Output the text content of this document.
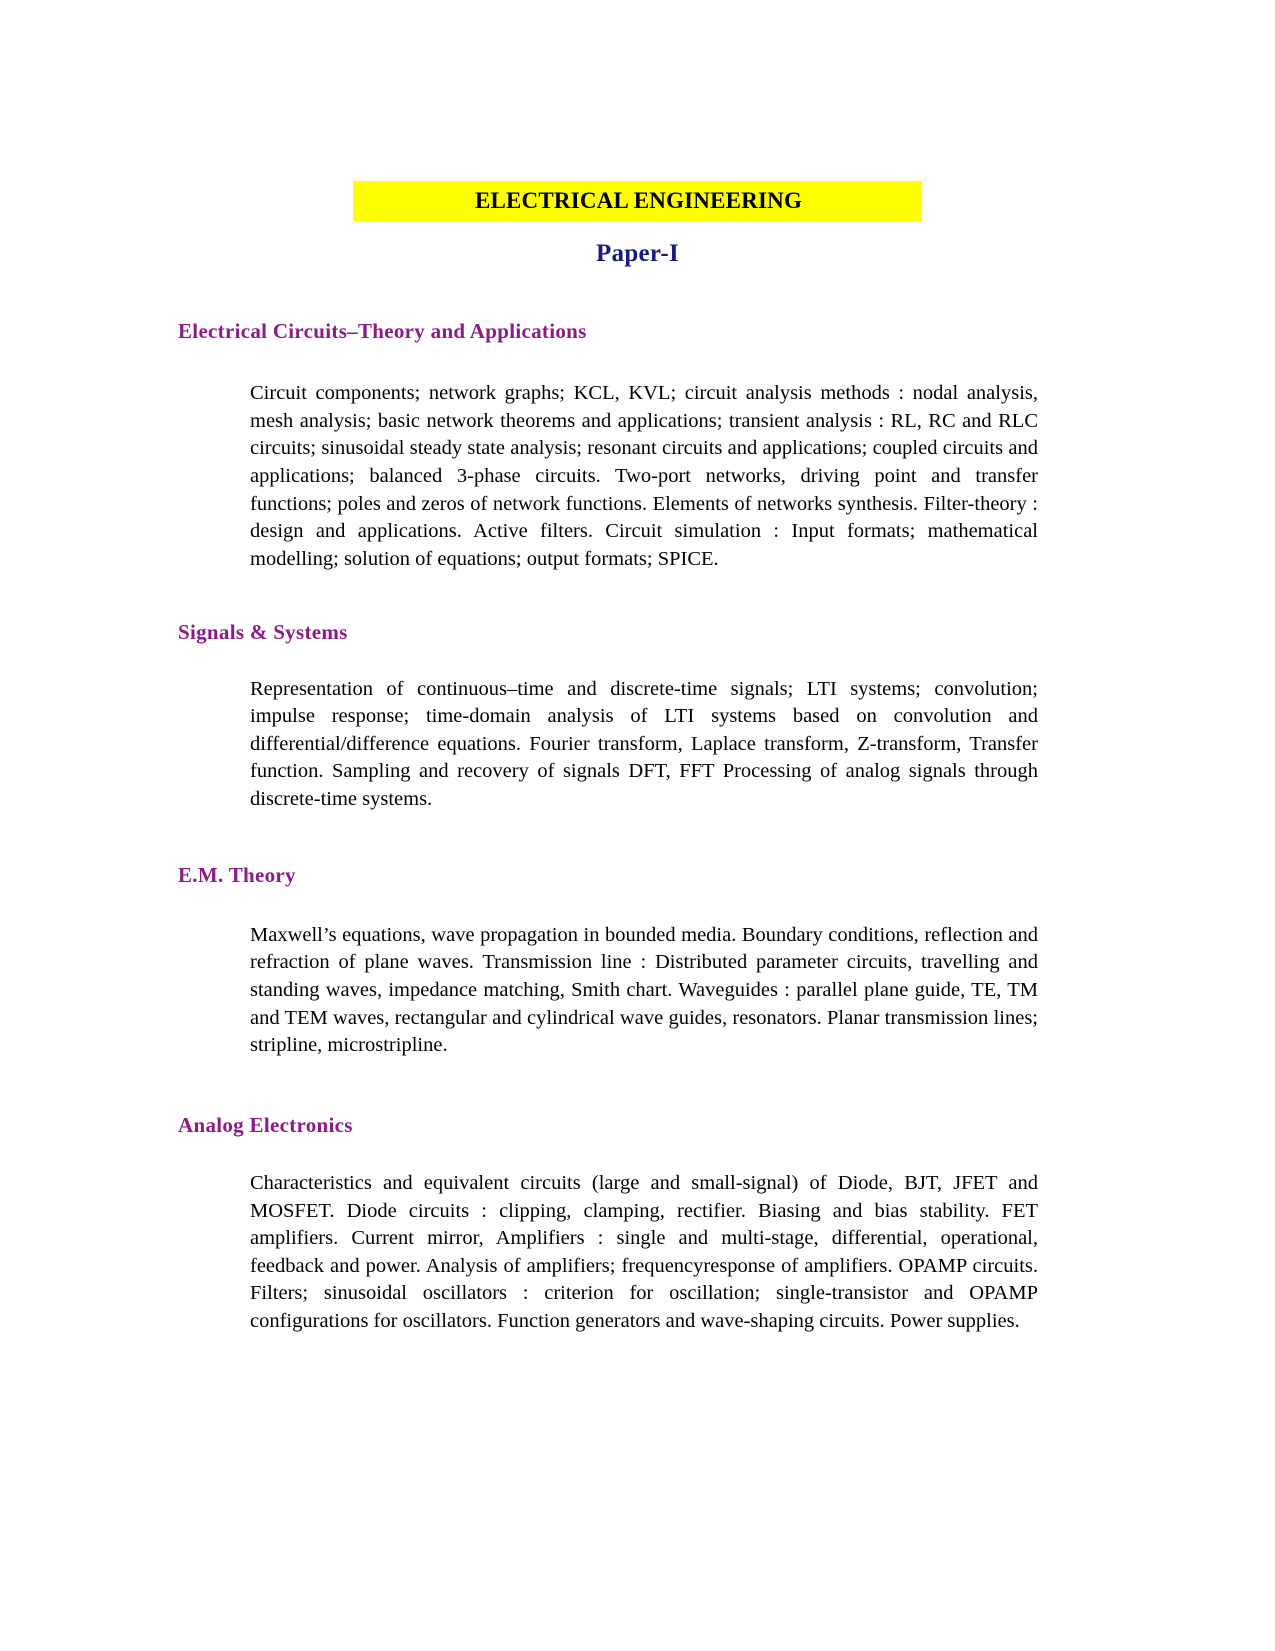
ELECTRICAL ENGINEERING
Paper-I
Electrical Circuits–Theory and Applications

Circuit components; network graphs; KCL, KVL; circuit analysis methods : nodal analysis, mesh analysis; basic network theorems and applications; transient analysis : RL, RC and RLC circuits; sinusoidal steady state analysis; resonant circuits and applications; coupled circuits and applications; balanced 3-phase circuits. Two-port networks, driving point and transfer functions; poles and zeros of network functions. Elements of networks synthesis. Filter-theory : design and applications. Active filters. Circuit simulation : Input formats; mathematical modelling; solution of equations; output formats; SPICE.

Signals & Systems

Representation of continuous–time and discrete-time signals; LTI systems; convolution; impulse response; time-domain analysis of LTI systems based on convolution and differential/difference equations. Fourier transform, Laplace transform, Z-transform, Transfer function. Sampling and recovery of signals DFT, FFT Processing of analog signals through discrete-time systems.

E.M. Theory

Maxwell’s equations, wave propagation in bounded media. Boundary conditions, reflection and refraction of plane waves. Transmission line : Distributed parameter circuits, travelling and standing waves, impedance matching, Smith chart. Waveguides : parallel plane guide, TE, TM and TEM waves, rectangular and cylindrical wave guides, resonators. Planar transmission lines; stripline, microstripline.

Analog Electronics

Characteristics and equivalent circuits (large and small-signal) of Diode, BJT, JFET and MOSFET. Diode circuits : clipping, clamping, rectifier. Biasing and bias stability. FET amplifiers. Current mirror, Amplifiers : single and multi-stage, differential, operational, feedback and power. Analysis of amplifiers; frequencyresponse of amplifiers. OPAMP circuits. Filters; sinusoidal oscillators : criterion for oscillation; single-transistor and OPAMP configurations for oscillators. Function generators and wave-shaping circuits. Power supplies.
